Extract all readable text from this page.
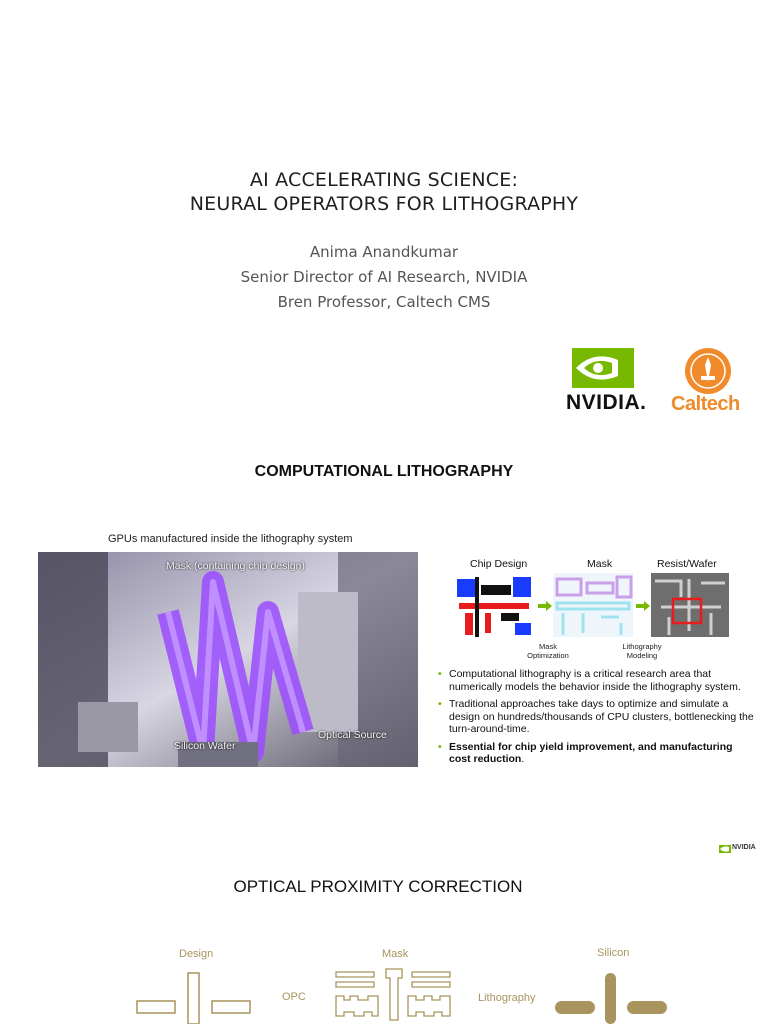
AI ACCELERATING SCIENCE:
NEURAL OPERATORS FOR LITHOGRAPHY
Anima Anandkumar
Senior Director of AI Research, NVIDIA
Bren Professor, Caltech CMS
NVIDIA. Caltech
COMPUTATIONAL LITHOGRAPHY
GPUs manufactured inside the lithography system
Mask (containing chip design)
Silicon Wafer
Optical Source
Chip Design	Mask	Resist/Wafer
Mask Optimization
Lithography Modeling
• Computational lithography is a critical research area that numerically models the behavior inside the lithography system.
• Traditional approaches take days to optimize and simulate a design on hundreds/thousands of CPU clusters, bottlenecking the turn-around-time.
• Essential for chip yield improvement, and manufacturing cost reduction.
NVIDIA
OPTICAL PROXIMITY CORRECTION
Design	Mask	Silicon
OPC	Lithography
